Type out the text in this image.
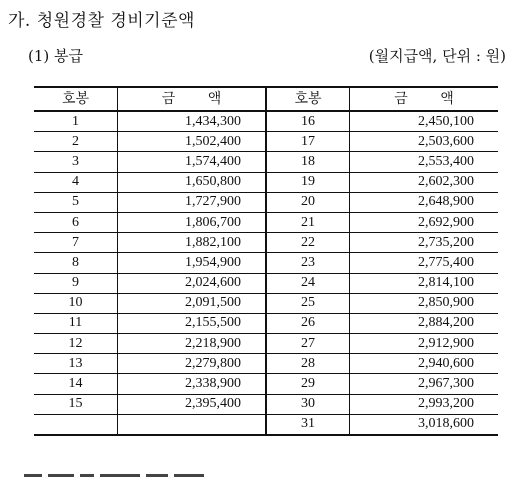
가. 청원경찰 경비기준액
(1) 봉급	(월지급액, 단위 : 원)
호봉	금 액	호봉	금 액
1	1,434,300	16	2,450,100
2	1,502,400	17	2,503,600
3	1,574,400	18	2,553,400
4	1,650,800	19	2,602,300
5	1,727,900	20	2,648,900
6	1,806,700	21	2,692,900
7	1,882,100	22	2,735,200
8	1,954,900	23	2,775,400
9	2,024,600	24	2,814,100
10	2,091,500	25	2,850,900
11	2,155,500	26	2,884,200
12	2,218,900	27	2,912,900
13	2,279,800	28	2,940,600
14	2,338,900	29	2,967,300
15	2,395,400	30	2,993,200
		31	3,018,600
